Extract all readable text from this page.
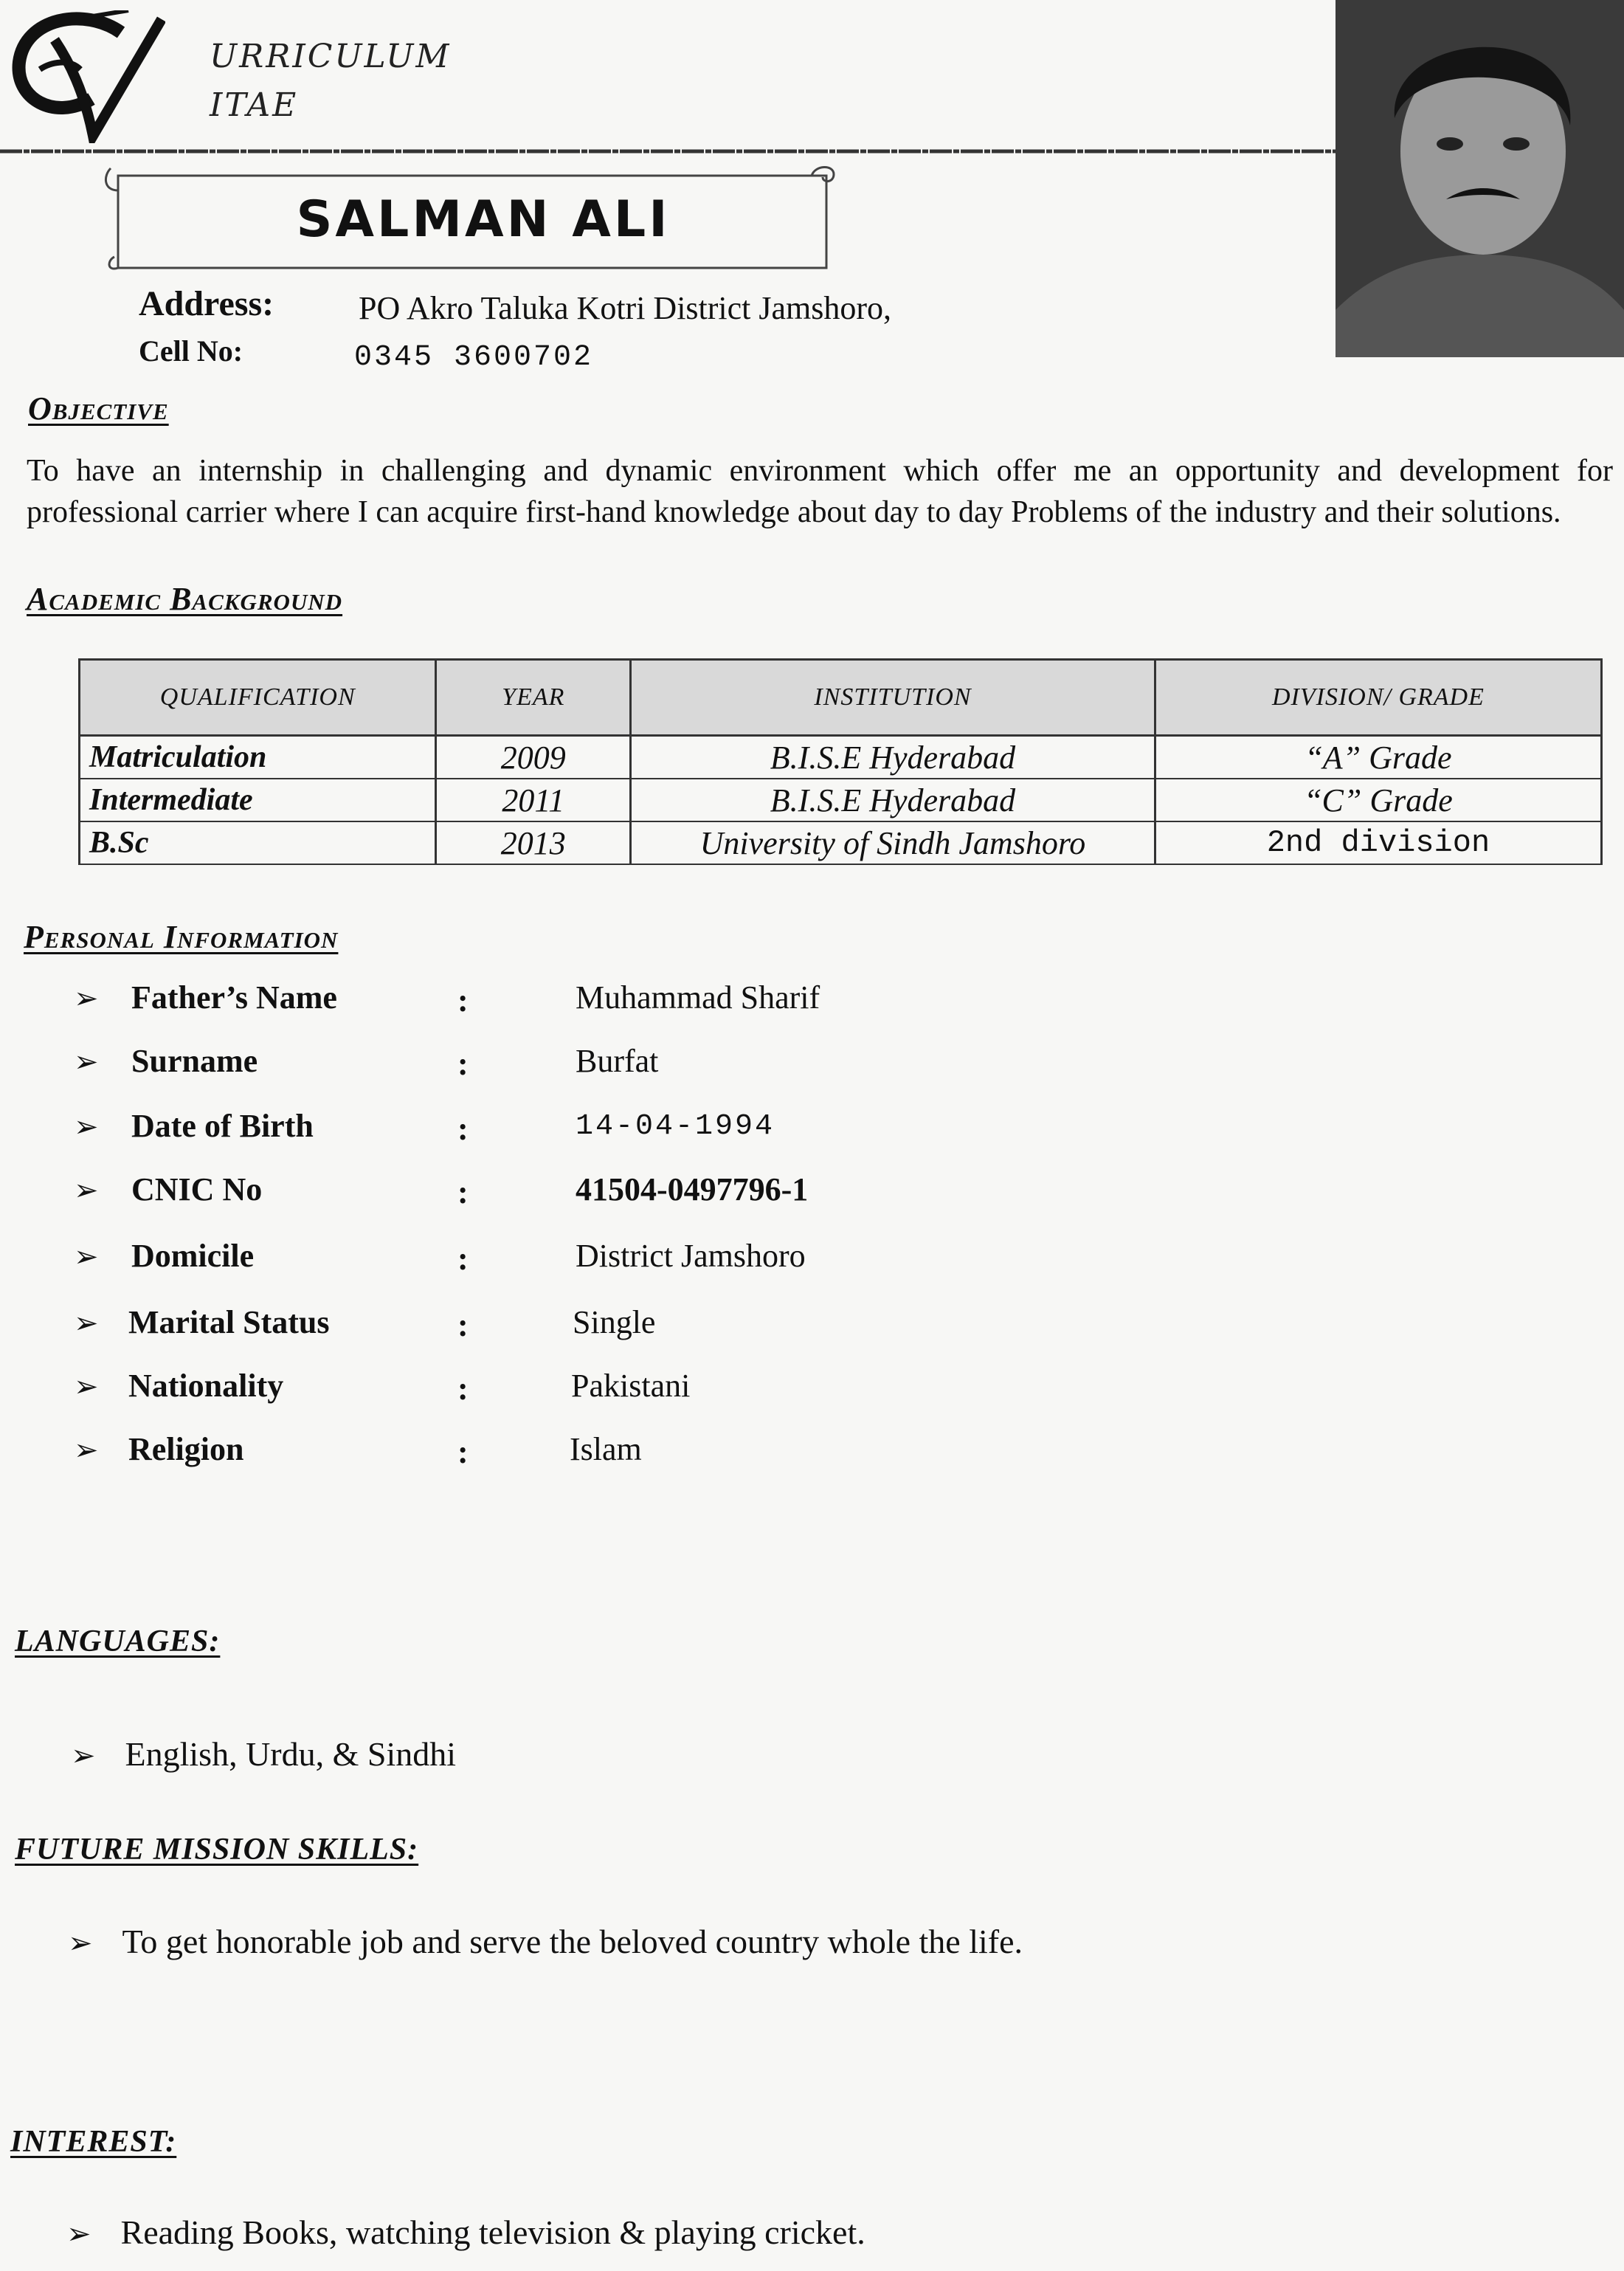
URRICULUM
ITAE
SALMAN ALI
Address:	PO Akro Taluka Kotri District Jamshoro,
Cell No:	0345 3600702
Objective
To have an internship in challenging and dynamic environment which offer me an opportunity and development for professional carrier where I can acquire first-hand knowledge about day to day Problems of the industry and their solutions.
Academic Background
QUALIFICATION	YEAR	INSTITUTION	DIVISION/ GRADE
Matriculation	2009	B.I.S.E Hyderabad	“A” Grade
Intermediate	2011	B.I.S.E Hyderabad	“C” Grade
B.Sc	2013	University of Sindh Jamshoro	2nd division
Personal Information
➢ Father’s Name	:	Muhammad Sharif
➢ Surname	:	Burfat
➢ Date of Birth	:	14-04-1994
➢ CNIC No	:	41504-0497796-1
➢ Domicile	:	District Jamshoro
➢ Marital Status	:	Single
➢ Nationality	:	Pakistani
➢ Religion	:	Islam
LANGUAGES:
➢ English, Urdu, & Sindhi
FUTURE MISSION SKILLS:
➢ To get honorable job and serve the beloved country whole the life.
INTEREST:
➢ Reading Books, watching television & playing cricket.
